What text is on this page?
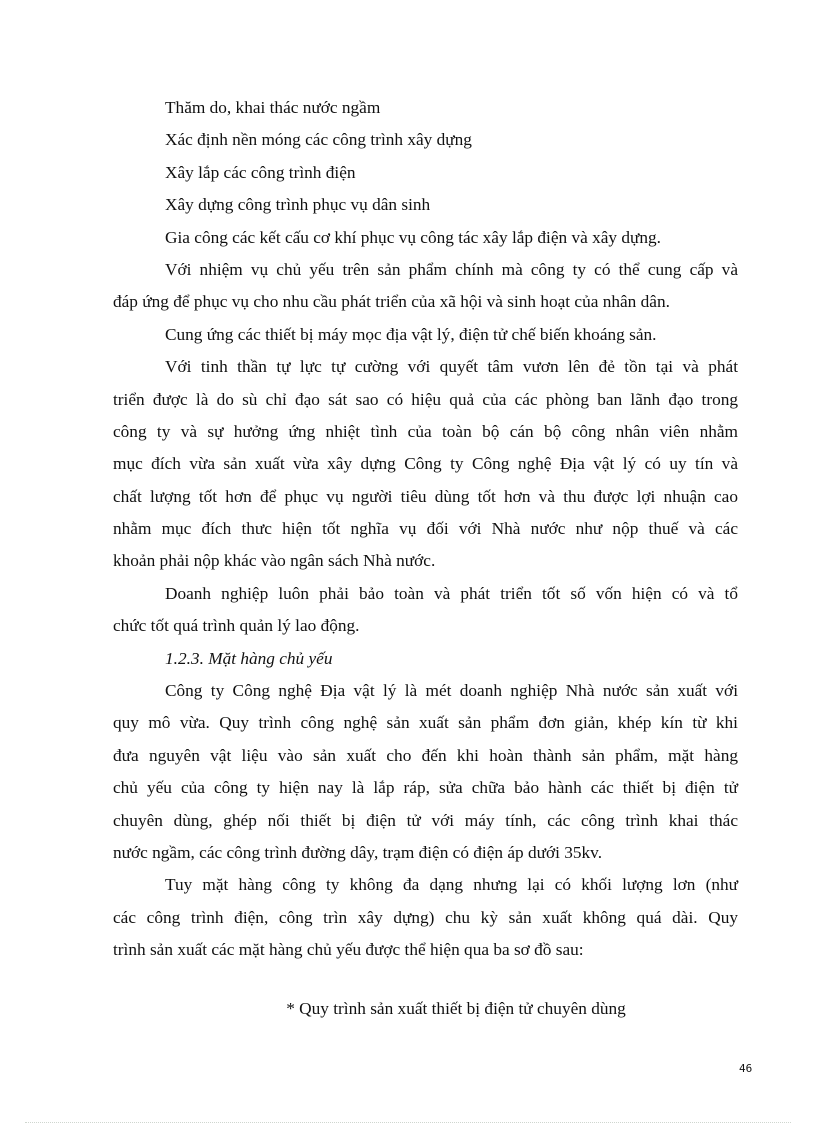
Thăm do, khai thác nước ngầm
Xác định nền móng các công trình xây dựng
Xây lắp các công trình điện
Xây dựng công trình phục vụ dân sinh
Gia công các kết cấu cơ khí phục vụ công tác xây lắp điện và xây dựng.
Với nhiệm vụ chủ yếu trên sản phẩm chính mà công ty có thể cung cấp và
đáp ứng để phục vụ cho nhu cầu phát triển của xã hội và sinh hoạt của nhân dân.
Cung ứng các thiết bị máy mọc địa vật lý, điện tử chế biến khoáng sản.
Với tinh thần tự lực tự cường với quyết tâm vươn lên đẻ tồn tại và phát
triển được là do sù chỉ đạo sát sao có hiệu quả của các phòng ban lãnh đạo trong
công ty và sự hưởng ứng nhiệt tình của toàn bộ cán bộ công nhân viên nhằm
mục đích vừa sản xuất vừa xây dựng Công ty Công nghệ Địa vật lý có uy tín và
chất lượng tốt hơn để phục vụ người tiêu dùng tốt hơn và thu được lợi nhuận cao
nhằm mục đích thưc hiện tốt nghĩa vụ đối với Nhà nước như nộp thuế và các
khoản phải nộp khác vào ngân sách Nhà nước.
Doanh nghiệp luôn phải bảo toàn và phát triển tốt số vốn hiện có và tổ
chức tốt quá trình quản lý lao động.
1.2.3. Mặt hàng chủ yếu
Công ty Công nghệ Địa vật lý là mét doanh nghiệp Nhà nước sản xuất với
quy mô vừa. Quy trình công nghệ sản xuất sản phẩm đơn giản, khép kín từ khi
đưa nguyên vật liệu vào sản xuất cho đến khi hoàn thành sản phẩm, mặt hàng
chủ yếu của công ty hiện nay là lắp ráp, sửa chữa bảo hành các thiết bị điện tử
chuyên dùng, ghép nối thiết bị điện tử với máy tính, các công trình khai thác
nước ngầm, các công trình đường dây, trạm điện có điện áp dưới 35kv.
Tuy mặt hàng công ty không đa dạng nhưng lại có khối lượng lơn (như
các công trình điện, công trìn xây dựng) chu kỳ sản xuất không quá dài. Quy
trình sản xuất các mặt hàng chủ yếu được thể hiện qua ba sơ đồ sau:
* Quy trình sản xuất thiết bị điện tử chuyên dùng
46
